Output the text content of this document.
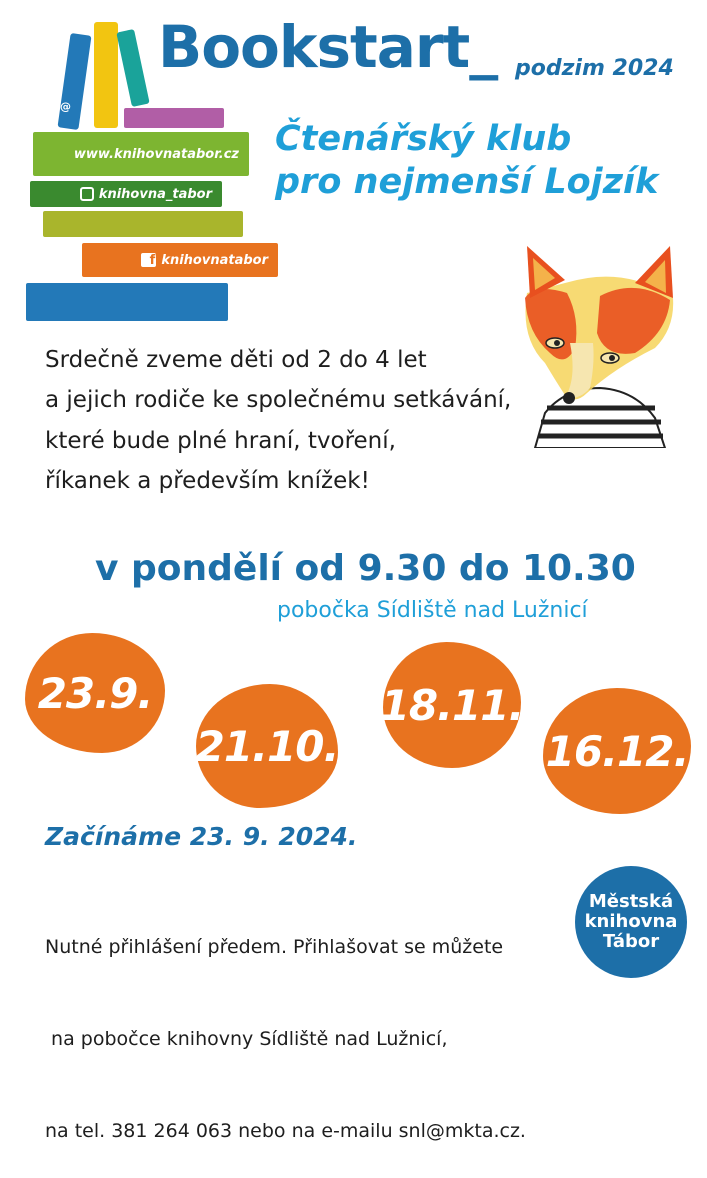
@
www.knihovnatabor.cz
knihovna_tabor
f knihovnatabor
Bookstart_ podzim 2024
Čtenářský klub
pro nejmenší Lojzík
Srdečně zveme děti od 2 do 4 let
a jejich rodiče ke společnému setkávání,
které bude plné hraní, tvoření,
říkanek a především knížek!
v pondělí od 9.30 do 10.30
pobočka Sídliště nad Lužnicí
23.9.
21.10.
18.11.
16.12.
Začínáme 23. 9. 2024.

Nutné přihlášení předem. Přihlašovat se můžete

na pobočce knihovny Sídliště nad Lužnicí,

na tel. 381 264 063 nebo na e-mailu snl@mkta.cz.

Městská
knihovna
Tábor
